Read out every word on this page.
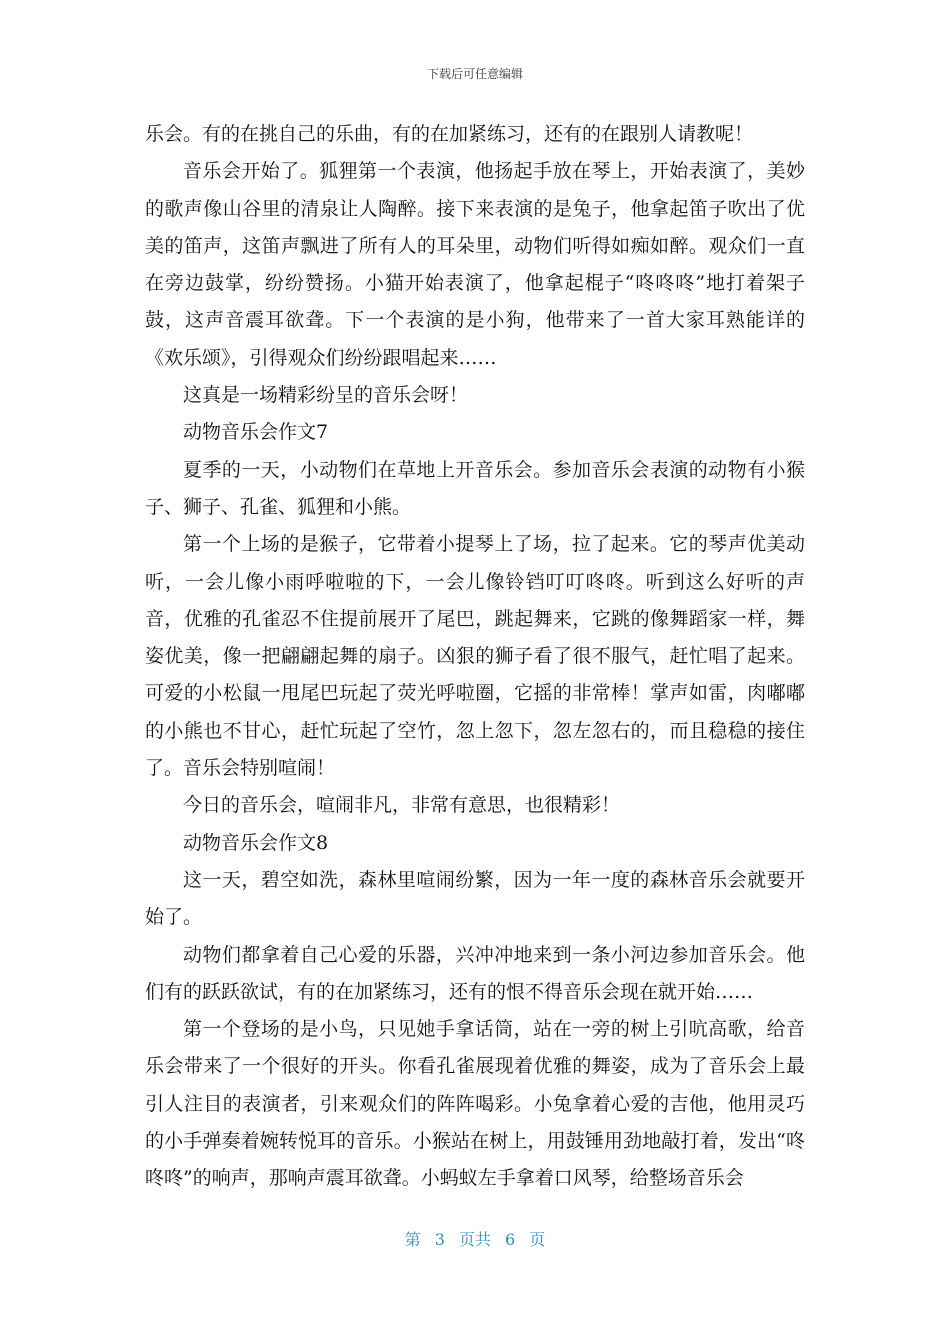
下载后可任意编辑

乐会。有的在挑自己的乐曲，有的在加紧练习，还有的在跟别人请教呢！

音乐会开始了。狐狸第一个表演，他扬起手放在琴上，开始表演了，美妙的歌声像山谷里的清泉让人陶醉。接下来表演的是兔子，他拿起笛子吹出了优美的笛声，这笛声飘进了所有人的耳朵里，动物们听得如痴如醉。观众们一直在旁边鼓掌，纷纷赞扬。小猫开始表演了，他拿起棍子“咚咚咚”地打着架子鼓，这声音震耳欲聋。下一个表演的是小狗，他带来了一首大家耳熟能详的《欢乐颂》，引得观众们纷纷跟唱起来……

这真是一场精彩纷呈的音乐会呀！

动物音乐会作文7

夏季的一天，小动物们在草地上开音乐会。参加音乐会表演的动物有小猴子、狮子、孔雀、狐狸和小熊。

第一个上场的是猴子，它带着小提琴上了场，拉了起来。它的琴声优美动听，一会儿像小雨呼啦啦的下，一会儿像铃铛叮叮咚咚。听到这么好听的声音，优雅的孔雀忍不住提前展开了尾巴，跳起舞来，它跳的像舞蹈家一样，舞姿优美，像一把翩翩起舞的扇子。凶狠的狮子看了很不服气，赶忙唱了起来。可爱的小松鼠一甩尾巴玩起了荧光呼啦圈，它摇的非常棒！掌声如雷，肉嘟嘟的小熊也不甘心，赶忙玩起了空竹，忽上忽下，忽左忽右的，而且稳稳的接住了。音乐会特别喧闹！

今日的音乐会，喧闹非凡，非常有意思，也很精彩！

动物音乐会作文8

这一天，碧空如洗，森林里喧闹纷繁，因为一年一度的森林音乐会就要开始了。

动物们都拿着自己心爱的乐器，兴冲冲地来到一条小河边参加音乐会。他们有的跃跃欲试，有的在加紧练习，还有的恨不得音乐会现在就开始……

第一个登场的是小鸟，只见她手拿话筒，站在一旁的树上引吭高歌，给音乐会带来了一个很好的开头。你看孔雀展现着优雅的舞姿，成为了音乐会上最引人注目的表演者，引来观众们的阵阵喝彩。小兔拿着心爱的吉他，他用灵巧的小手弹奏着婉转悦耳的音乐。小猴站在树上，用鼓锤用劲地敲打着，发出“咚咚咚”的响声，那响声震耳欲聋。小蚂蚁左手拿着口风琴，给整场音乐会

第 3 页共 6 页
